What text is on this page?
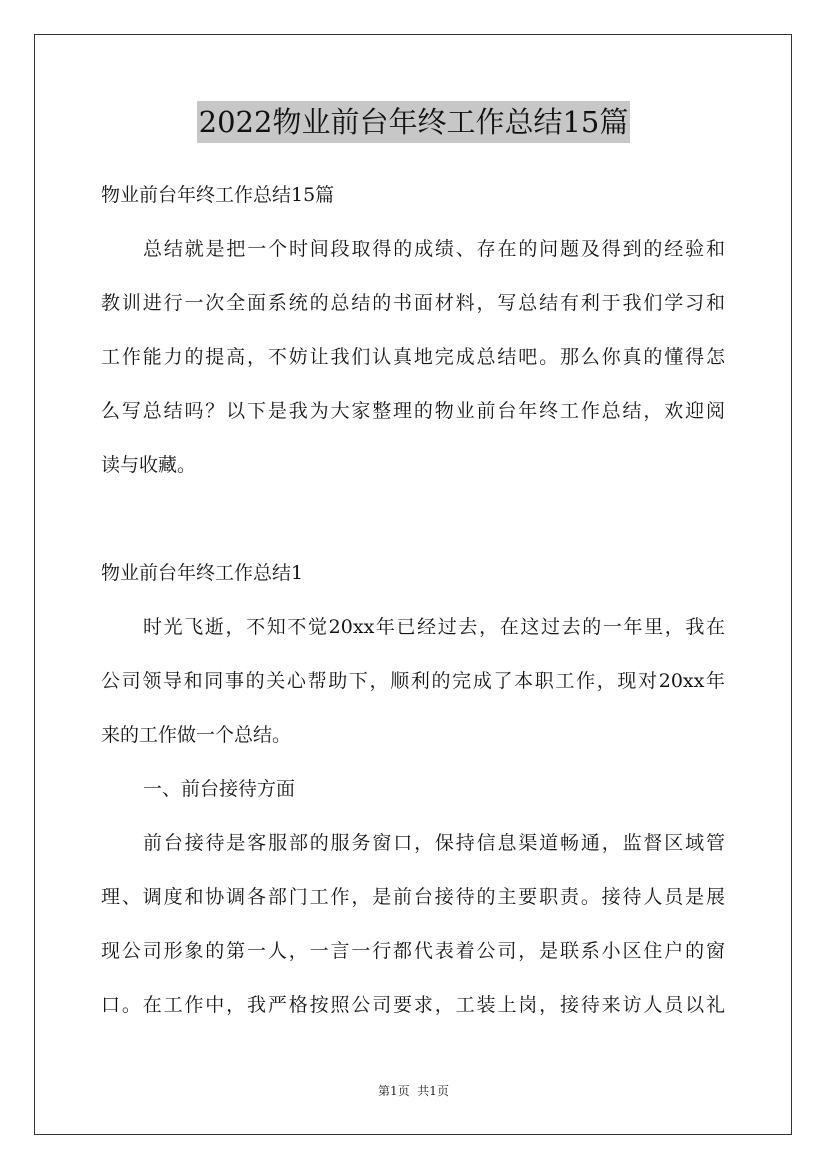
2022物业前台年终工作总结15篇
物业前台年终工作总结15篇
总结就是把一个时间段取得的成绩、存在的问题及得到的经验和
教训进行一次全面系统的总结的书面材料，写总结有利于我们学习和
工作能力的提高，不妨让我们认真地完成总结吧。那么你真的懂得怎
么写总结吗？以下是我为大家整理的物业前台年终工作总结，欢迎阅
读与收藏。
物业前台年终工作总结1
时光飞逝，不知不觉20xx年已经过去，在这过去的一年里，我在
公司领导和同事的关心帮助下，顺利的完成了本职工作，现对20xx年
来的工作做一个总结。
一、前台接待方面
前台接待是客服部的服务窗口，保持信息渠道畅通，监督区域管
理、调度和协调各部门工作，是前台接待的主要职责。接待人员是展
现公司形象的第一人，一言一行都代表着公司，是联系小区住户的窗
口。在工作中，我严格按照公司要求，工装上岗，接待来访人员以礼
第1页  共1页
